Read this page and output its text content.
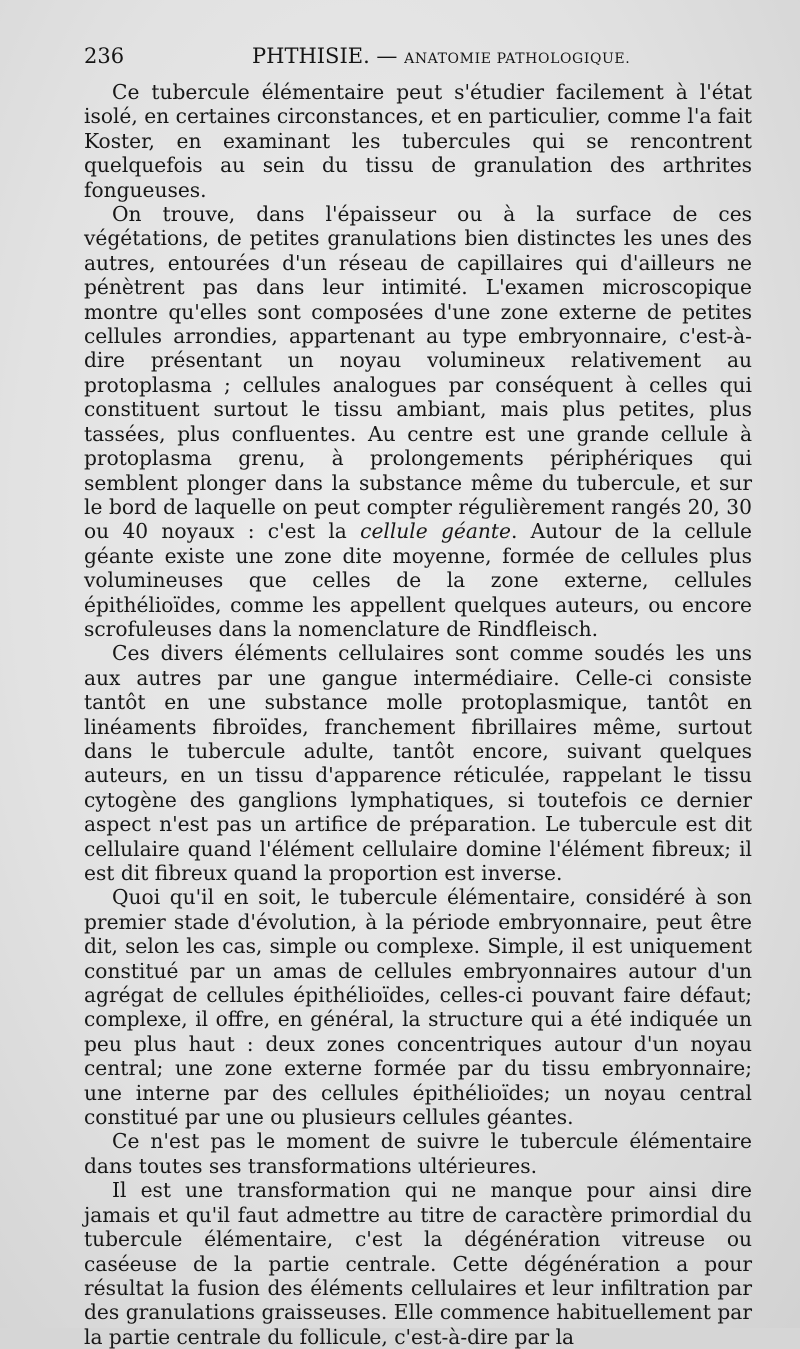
236	PHTHISIE. — ANATOMIE PATHOLOGIQUE.

Ce tubercule élémentaire peut s'étudier facilement à l'état isolé, en certaines circonstances, et en particulier, comme l'a fait Koster, en examinant les tubercules qui se rencontrent quelquefois au sein du tissu de granulation des arthrites fongueuses.

On trouve, dans l'épaisseur ou à la surface de ces végétations, de petites granulations bien distinctes les unes des autres, entourées d'un réseau de capillaires qui d'ailleurs ne pénètrent pas dans leur intimité. L'examen microscopique montre qu'elles sont composées d'une zone externe de petites cellules arrondies, appartenant au type embryonnaire, c'est-à-dire présentant un noyau volumineux relativement au protoplasma ; cellules analogues par conséquent à celles qui constituent surtout le tissu ambiant, mais plus petites, plus tassées, plus confluentes. Au centre est une grande cellule à protoplasma grenu, à prolongements périphériques qui semblent plonger dans la substance même du tubercule, et sur le bord de laquelle on peut compter régulièrement rangés 20, 30 ou 40 noyaux : c'est la cellule géante. Autour de la cellule géante existe une zone dite moyenne, formée de cellules plus volumineuses que celles de la zone externe, cellules épithélioïdes, comme les appellent quelques auteurs, ou encore scrofuleuses dans la nomenclature de Rindfleisch.

Ces divers éléments cellulaires sont comme soudés les uns aux autres par une gangue intermédiaire. Celle-ci consiste tantôt en une substance molle protoplasmique, tantôt en linéaments fibroïdes, franchement fibrillaires même, surtout dans le tubercule adulte, tantôt encore, suivant quelques auteurs, en un tissu d'apparence réticulée, rappelant le tissu cytogène des ganglions lymphatiques, si toutefois ce dernier aspect n'est pas un artifice de préparation. Le tubercule est dit cellulaire quand l'élément cellulaire domine l'élément fibreux; il est dit fibreux quand la proportion est inverse.

Quoi qu'il en soit, le tubercule élémentaire, considéré à son premier stade d'évolution, à la période embryonnaire, peut être dit, selon les cas, simple ou complexe. Simple, il est uniquement constitué par un amas de cellules embryonnaires autour d'un agrégat de cellules épithélioïdes, celles-ci pouvant faire défaut; complexe, il offre, en général, la structure qui a été indiquée un peu plus haut : deux zones concentriques autour d'un noyau central; une zone externe formée par du tissu embryonnaire; une interne par des cellules épithélioïdes; un noyau central constitué par une ou plusieurs cellules géantes.

Ce n'est pas le moment de suivre le tubercule élémentaire dans toutes ses transformations ultérieures.

Il est une transformation qui ne manque pour ainsi dire jamais et qu'il faut admettre au titre de caractère primordial du tubercule élémentaire, c'est la dégénération vitreuse ou caséeuse de la partie centrale. Cette dégénération a pour résultat la fusion des éléments cellulaires et leur infiltration par des granulations graisseuses. Elle commence habituellement par la partie centrale du follicule, c'est-à-dire par la
